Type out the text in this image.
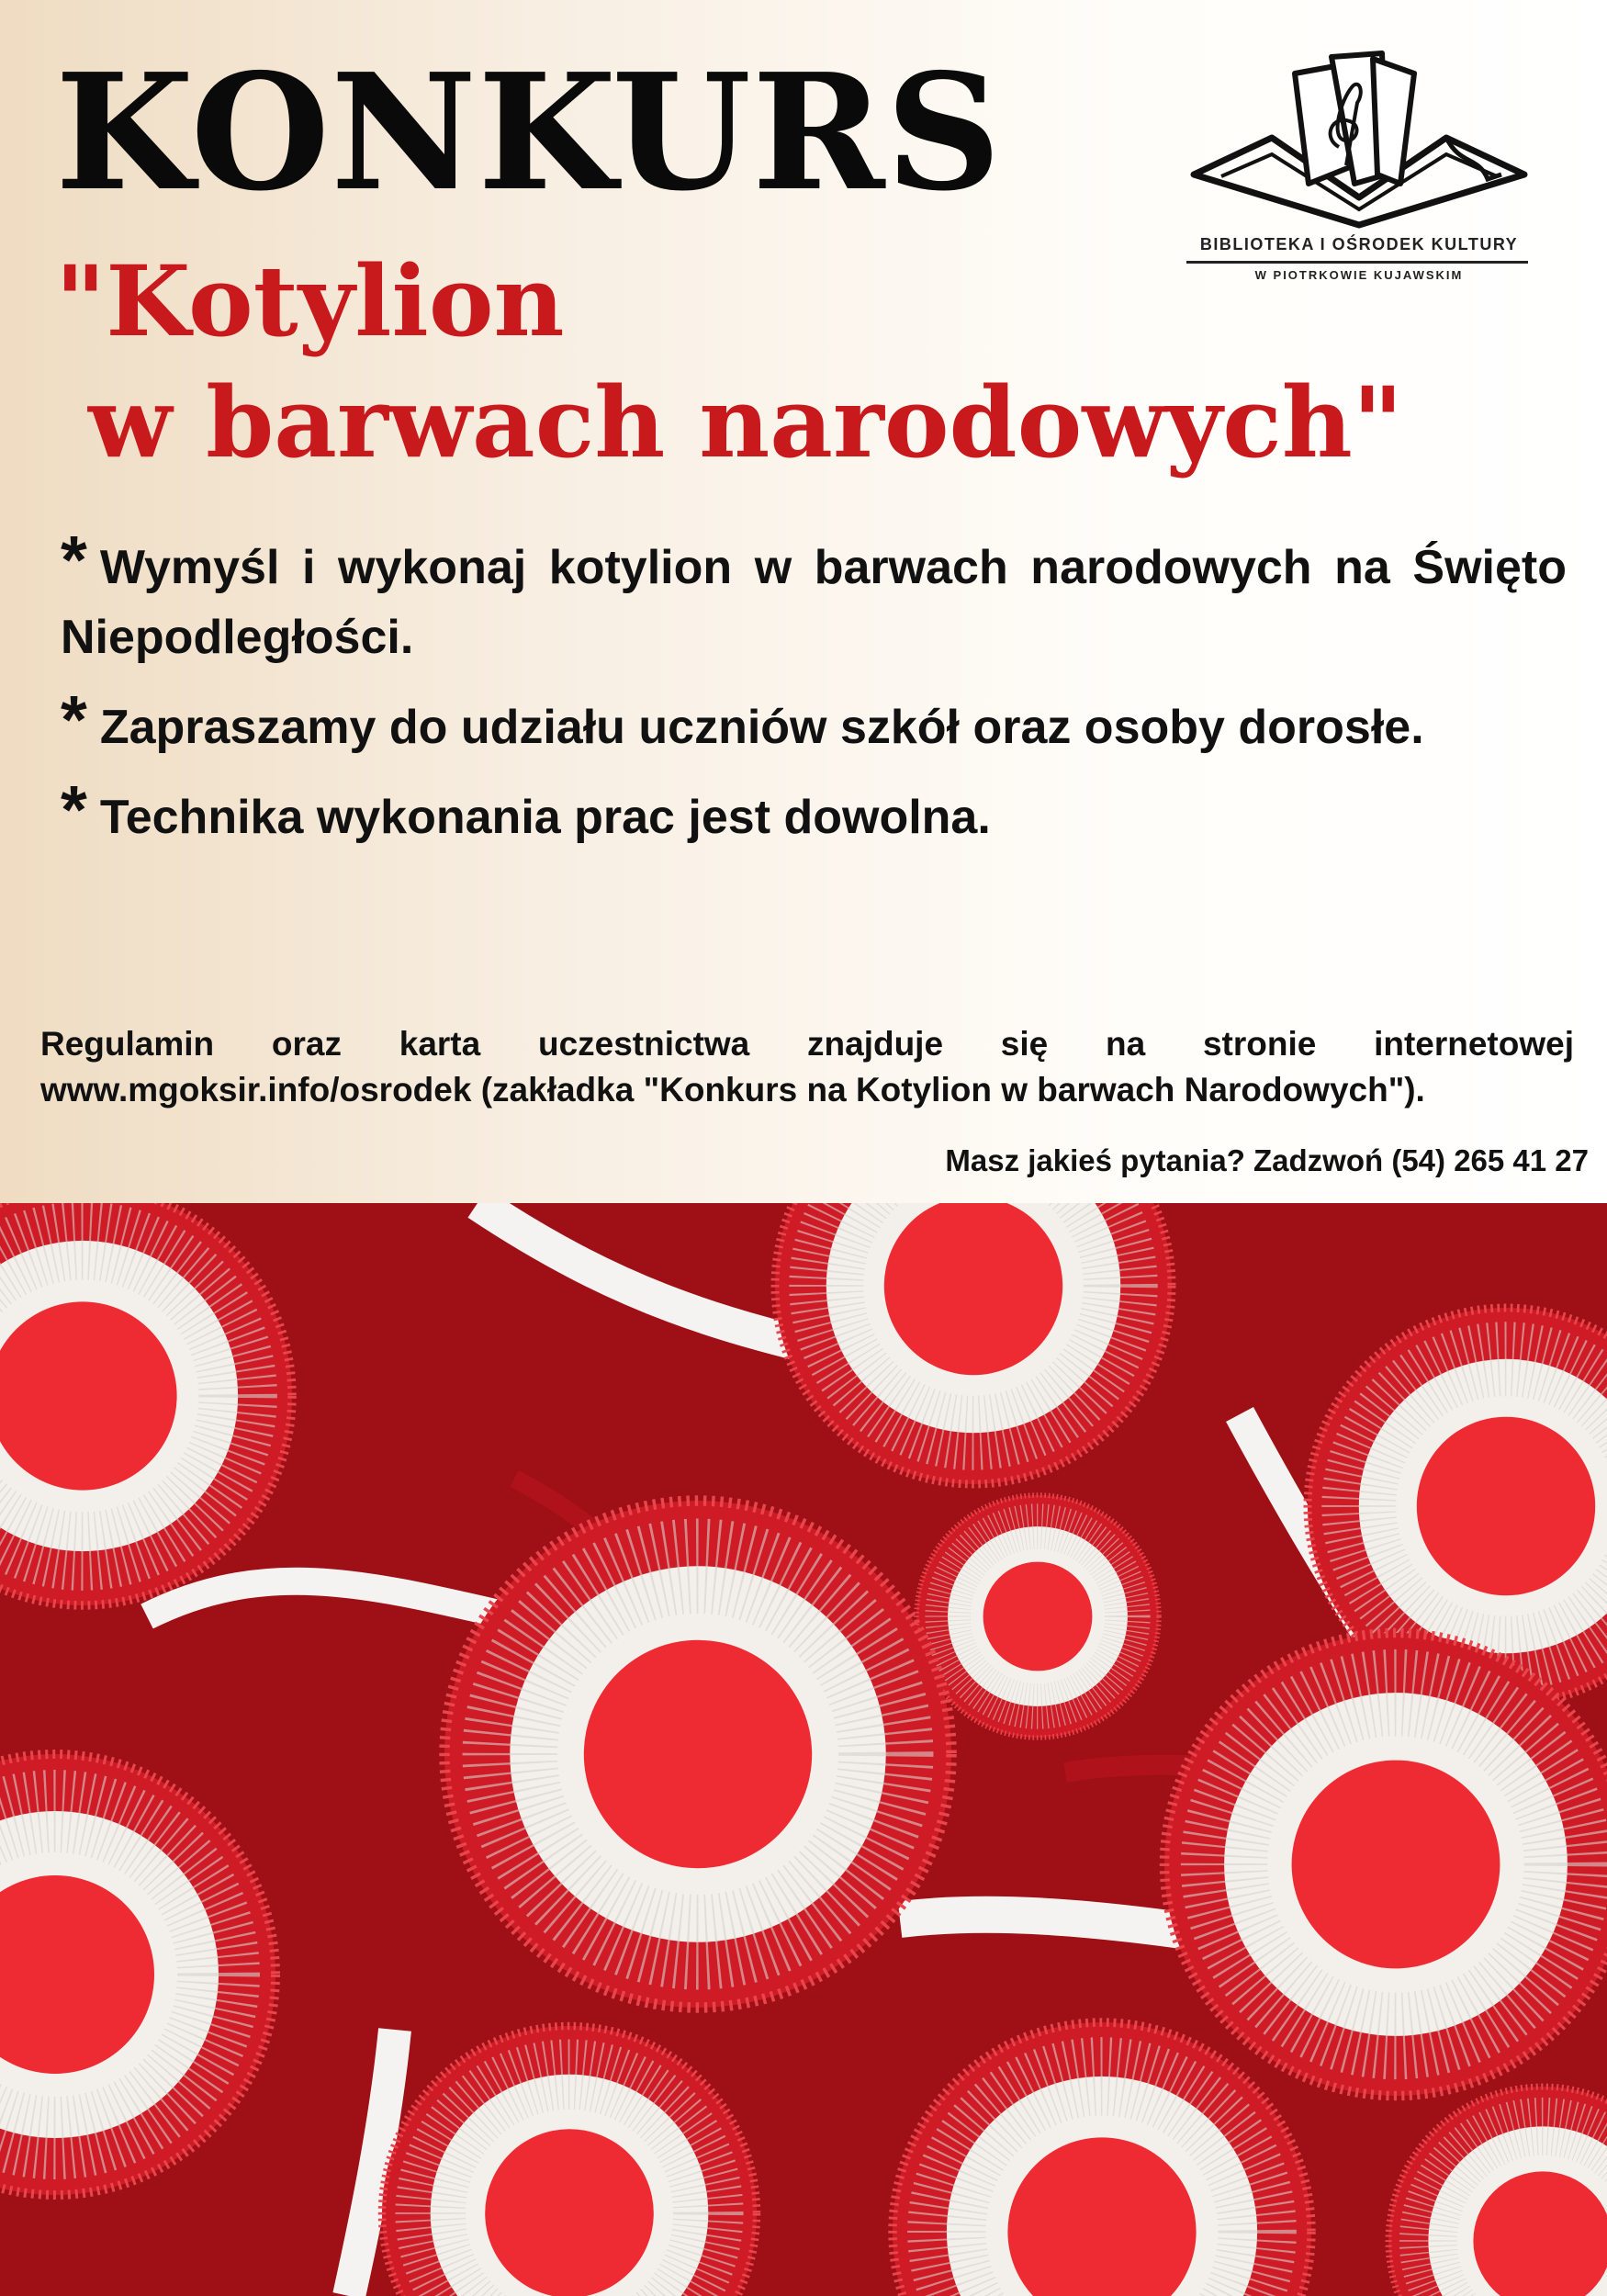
KONKURS
"Kotylion
w barwach narodowych"
BIBLIOTEKA I OŚRODEK KULTURY
W PIOTRKOWIE KUJAWSKIM
* Wymyśl i wykonaj kotylion w barwach narodowych na Święto Niepodległości.
* Zapraszamy do udziału uczniów szkół oraz osoby dorosłe.
* Technika wykonania prac jest dowolna.
Regulamin oraz karta uczestnictwa znajduje się na stronie internetowej www.mgoksir.info/osrodek (zakładka "Konkurs na Kotylion w barwach Narodowych").
Masz jakieś pytania? Zadzwoń (54) 265 41 27
